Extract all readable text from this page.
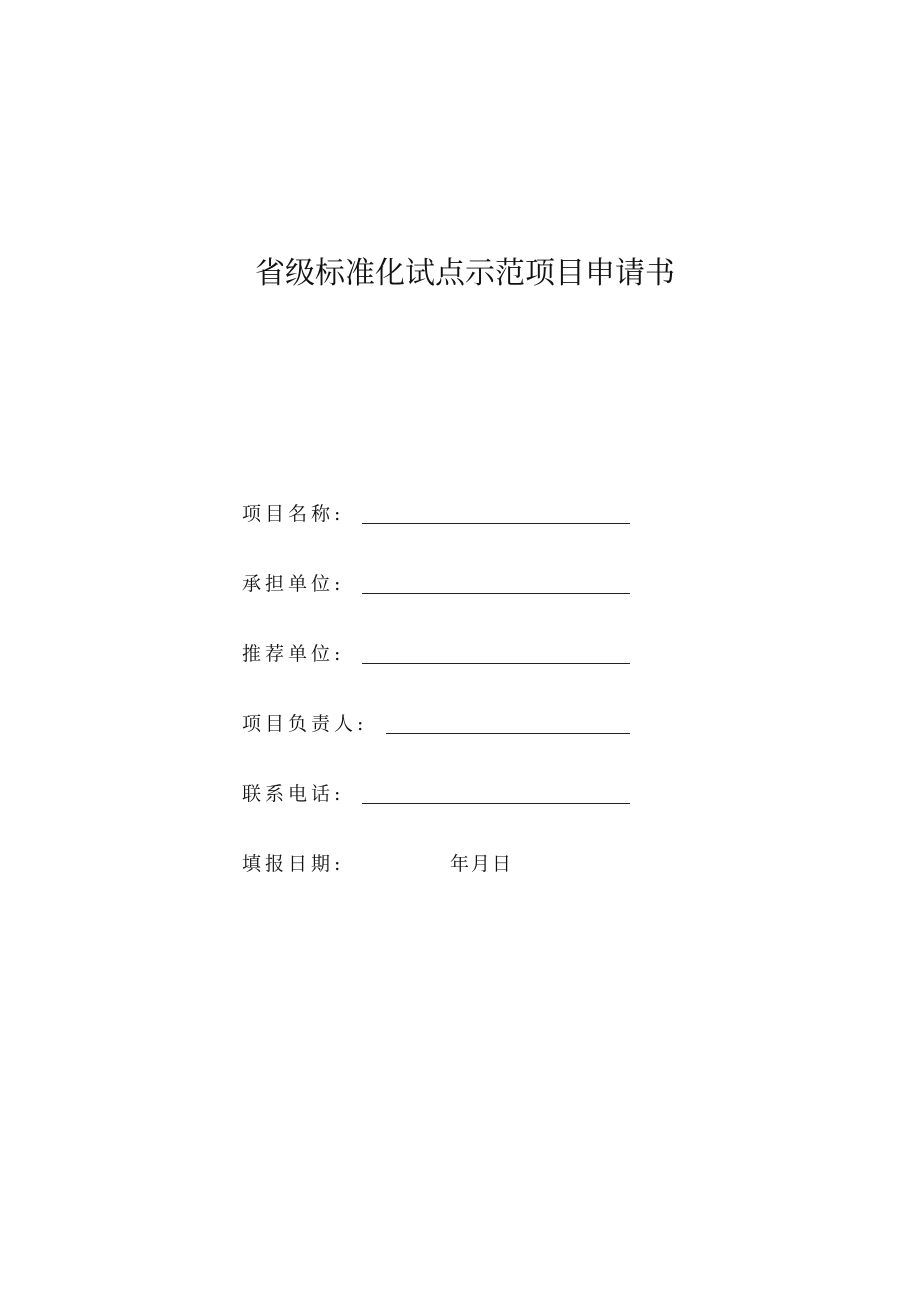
省级标准化试点示范项目申请书
项目名称:
承担单位:
推荐单位:
项目负责人:
联系电话:
填报日期:	年月日
